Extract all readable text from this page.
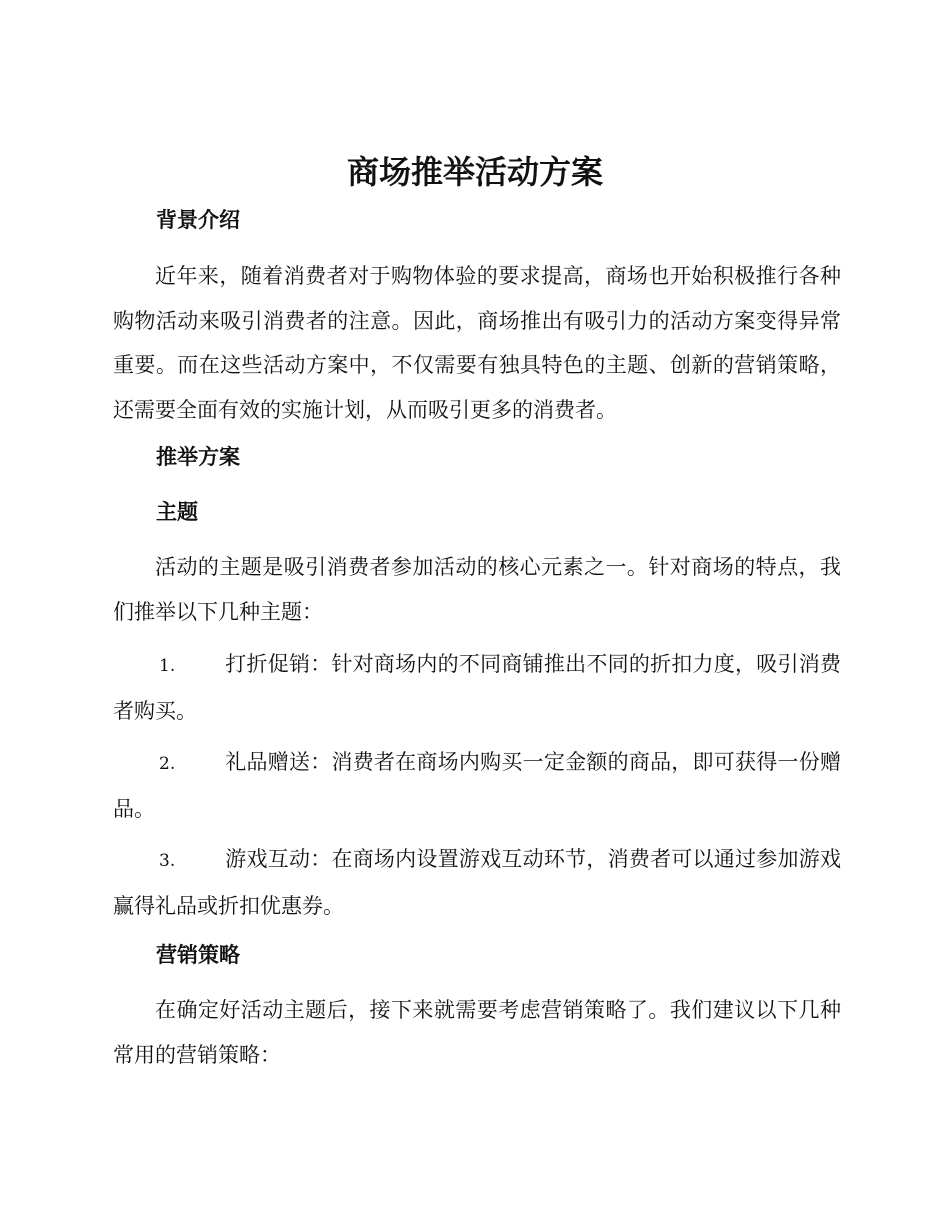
商场推举活动方案
背景介绍

近年来，随着消费者对于购物体验的要求提高，商场也开始积极推行各种购物活动来吸引消费者的注意。因此，商场推出有吸引力的活动方案变得异常重要。而在这些活动方案中，不仅需要有独具特色的主题、创新的营销策略，还需要全面有效的实施计划，从而吸引更多的消费者。

推举方案
主题

活动的主题是吸引消费者参加活动的核心元素之一。针对商场的特点，我们推举以下几种主题：

1. 打折促销：针对商场内的不同商铺推出不同的折扣力度，吸引消费者购买。

2. 礼品赠送：消费者在商场内购买一定金额的商品，即可获得一份赠品。

3. 游戏互动：在商场内设置游戏互动环节，消费者可以通过参加游戏赢得礼品或折扣优惠券。

营销策略

在确定好活动主题后，接下来就需要考虑营销策略了。我们建议以下几种常用的营销策略：
